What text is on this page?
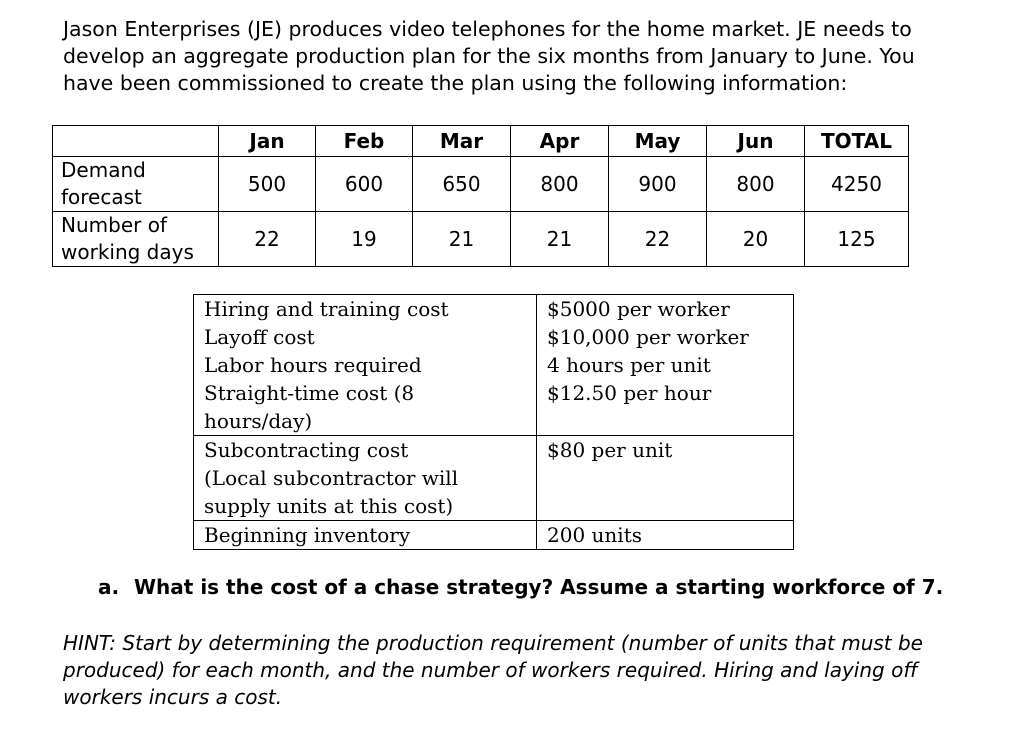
Jason Enterprises (JE) produces video telephones for the home market. JE needs to develop an aggregate production plan for the six months from January to June. You have been commissioned to create the plan using the following information:

	Jan	Feb	Mar	Apr	May	Jun	TOTAL
Demand forecast	500	600	650	800	900	800	4250
Number of working days	22	19	21	21	22	20	125
Hiring and training cost	$5000 per worker
Layoff cost	$10,000 per worker
Labor hours required	4 hours per unit
Straight-time cost (8 hours/day)	$12.50 per hour
Subcontracting cost (Local subcontractor will supply units at this cost)	$80 per unit
Beginning inventory	200 units

a. What is the cost of a chase strategy? Assume a starting workforce of 7.

HINT: Start by determining the production requirement (number of units that must be produced) for each month, and the number of workers required. Hiring and laying off workers incurs a cost.
